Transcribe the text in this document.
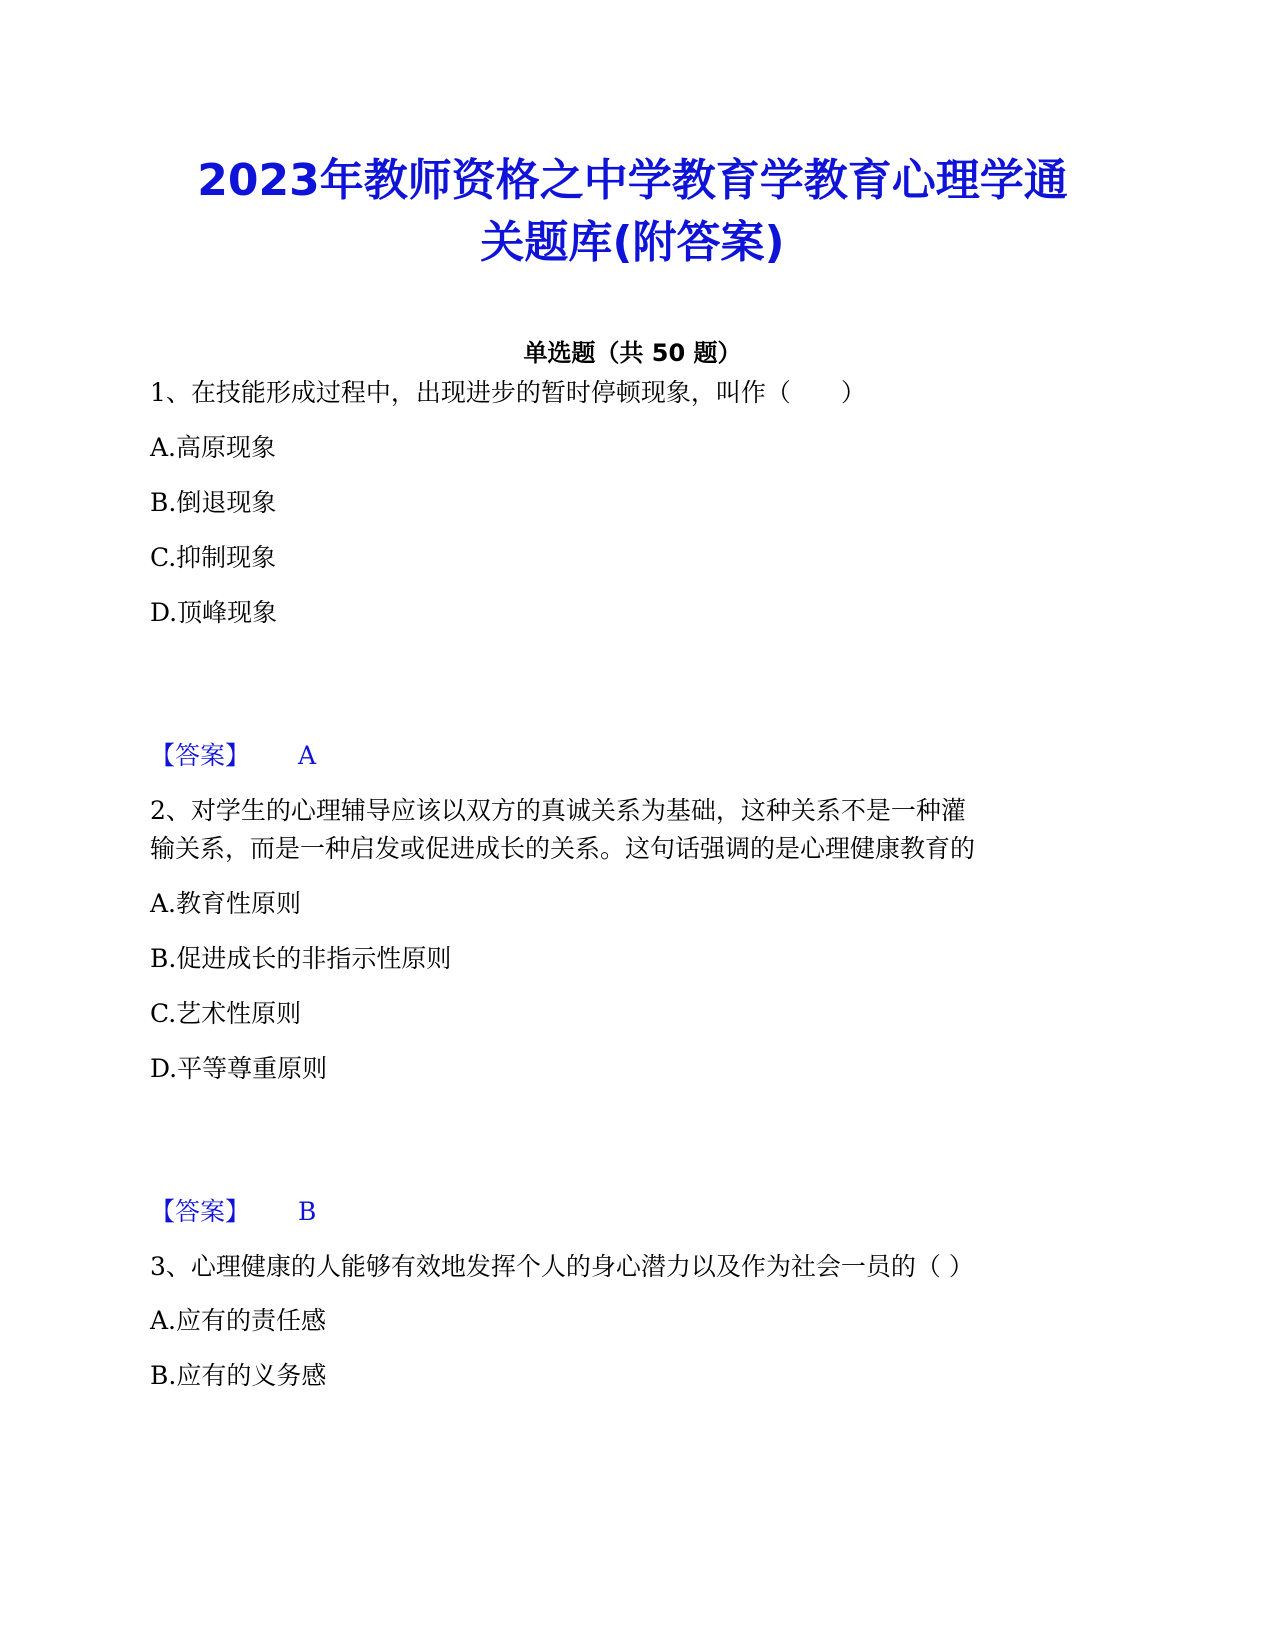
2023年教师资格之中学教育学教育心理学通
关题库(附答案)
单选题（共 50 题）
1、在技能形成过程中，出现进步的暂时停顿现象，叫作（　　）
A.高原现象
B.倒退现象
C.抑制现象
D.顶峰现象
【答案】 A
2、对学生的心理辅导应该以双方的真诚关系为基础，这种关系不是一种灌
输关系，而是一种启发或促进成长的关系。这句话强调的是心理健康教育的
A.教育性原则
B.促进成长的非指示性原则
C.艺术性原则
D.平等尊重原则
【答案】 B
3、心理健康的人能够有效地发挥个人的身心潜力以及作为社会一员的（ ）
A.应有的责任感
B.应有的义务感
